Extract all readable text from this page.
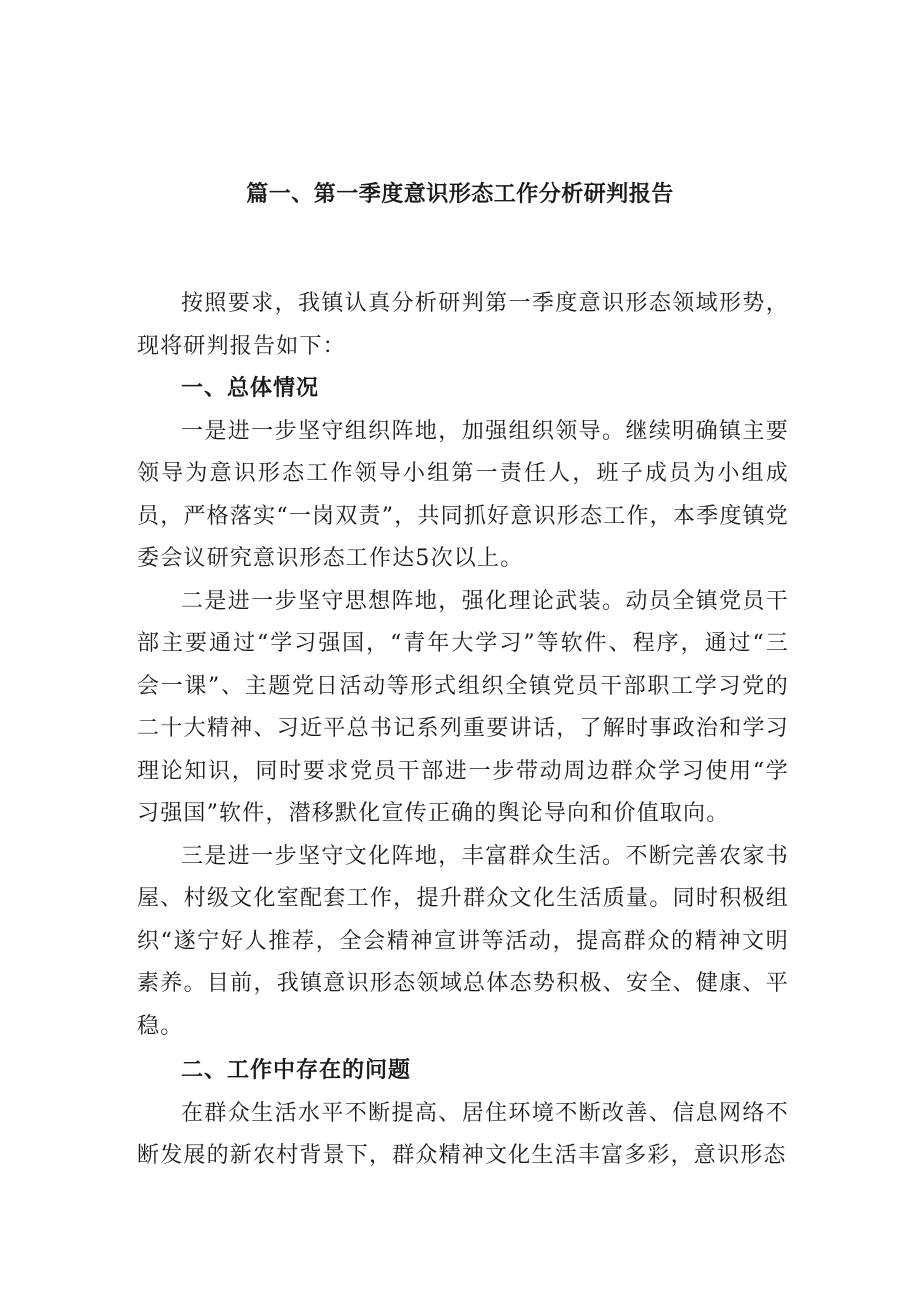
篇一、第一季度意识形态工作分析研判报告

按照要求，我镇认真分析研判第一季度意识形态领域形势，现将研判报告如下：

一、总体情况

一是进一步坚守组织阵地，加强组织领导。继续明确镇主要领导为意识形态工作领导小组第一责任人，班子成员为小组成员，严格落实“一岗双责”，共同抓好意识形态工作，本季度镇党委会议研究意识形态工作达5次以上。

二是进一步坚守思想阵地，强化理论武装。动员全镇党员干部主要通过“学习强国，“青年大学习”等软件、程序，通过“三会一课”、主题党日活动等形式组织全镇党员干部职工学习党的二十大精神、习近平总书记系列重要讲话，了解时事政治和学习理论知识，同时要求党员干部进一步带动周边群众学习使用“学习强国”软件，潜移默化宣传正确的舆论导向和价值取向。

三是进一步坚守文化阵地，丰富群众生活。不断完善农家书屋、村级文化室配套工作，提升群众文化生活质量。同时积极组织“遂宁好人推荐，全会精神宣讲等活动，提高群众的精神文明素养。目前，我镇意识形态领域总体态势积极、安全、健康、平稳。

二、工作中存在的问题

在群众生活水平不断提高、居住环境不断改善、信息网络不断发展的新农村背景下，群众精神文化生活丰富多彩，意识形态
